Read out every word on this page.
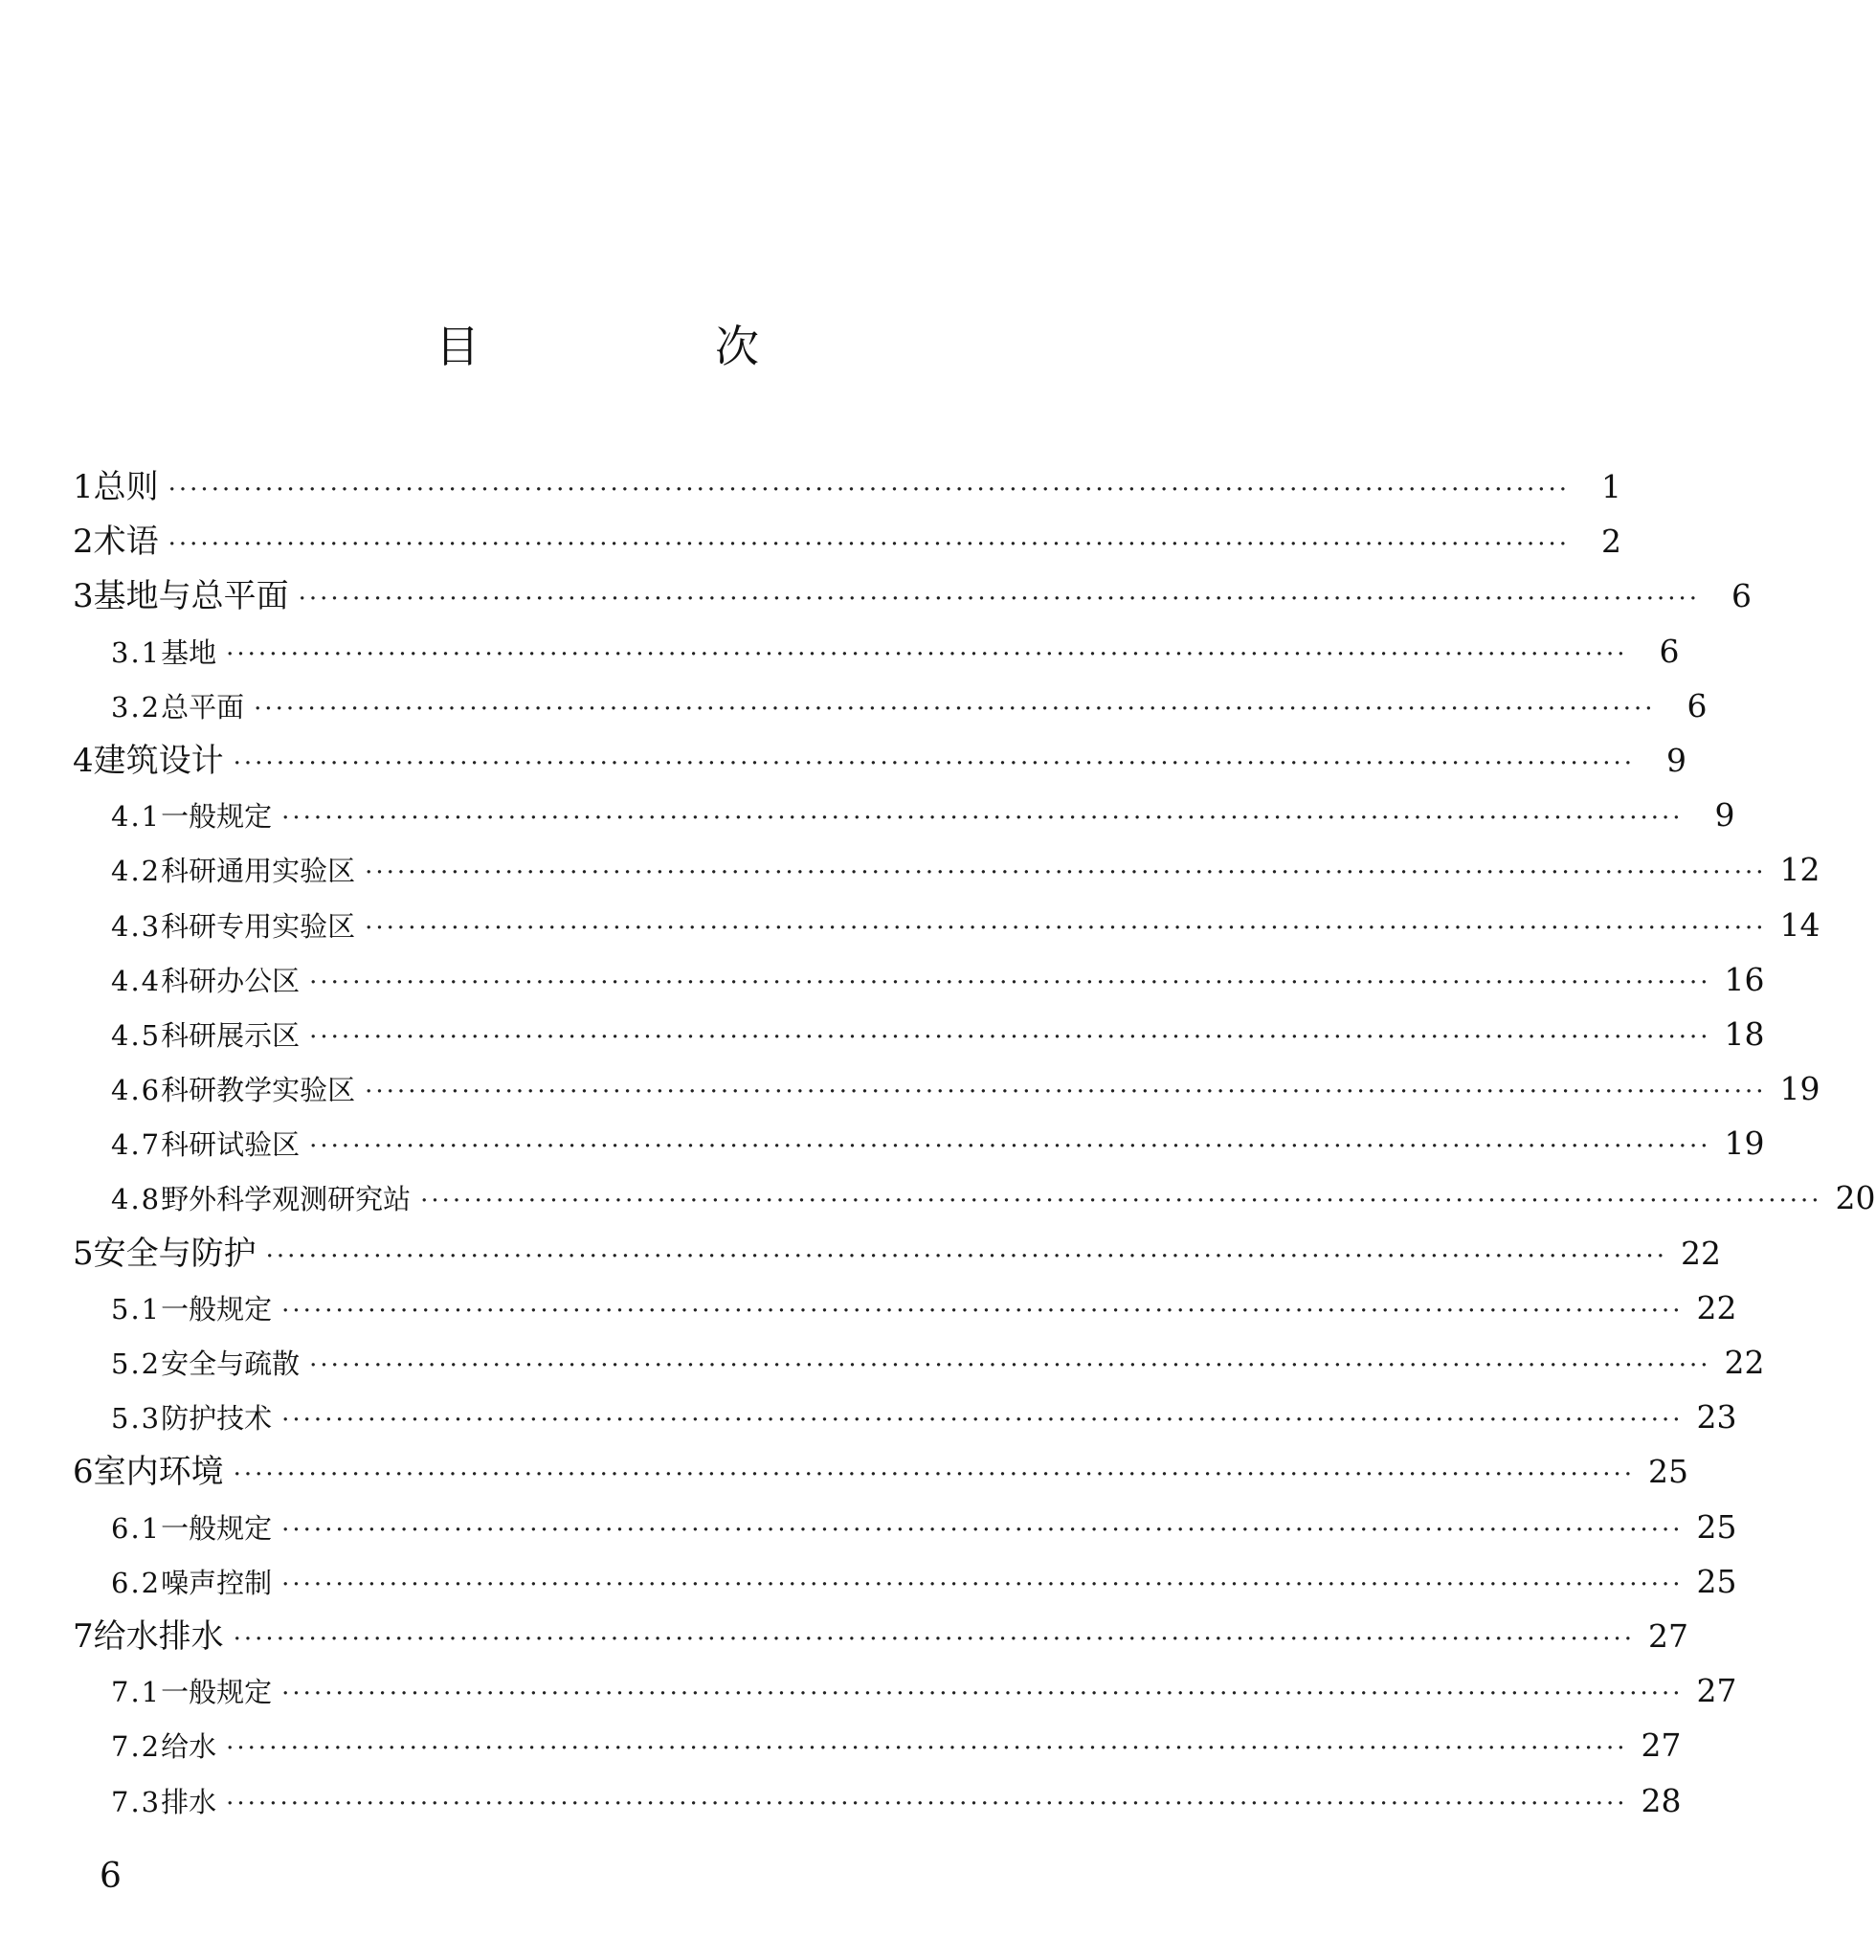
目　次
1 总则 ··································································································································	1
2 术语 ··································································································································	2
3 基地与总平面 ··································································································································	6
3.1 基地 ··································································································································	6
3.2 总平面 ··································································································································	6
4 建筑设计 ··································································································································	9
4.1 一般规定 ··································································································································	9
4.2 科研通用实验区 ·································································································································· 12
4.3 科研专用实验区 ·································································································································· 14
4.4 科研办公区 ·································································································································· 16
4.5 科研展示区 ·································································································································· 18
4.6 科研教学实验区 ·································································································································· 19
4.7 科研试验区 ·································································································································· 19
4.8 野外科学观测研究站 ·································································································································· 20
5 安全与防护 ·································································································································· 22
5.1 一般规定 ·································································································································· 22
5.2 安全与疏散 ·································································································································· 22
5.3 防护技术 ·································································································································· 23
6 室内环境 ·································································································································· 25
6.1 一般规定 ·································································································································· 25
6.2 噪声控制 ·································································································································· 25
7 给水排水 ·································································································································· 27
7.1 一般规定 ·································································································································· 27
7.2 给水 ·································································································································· 27
7.3 排水 ·································································································································· 28
6
